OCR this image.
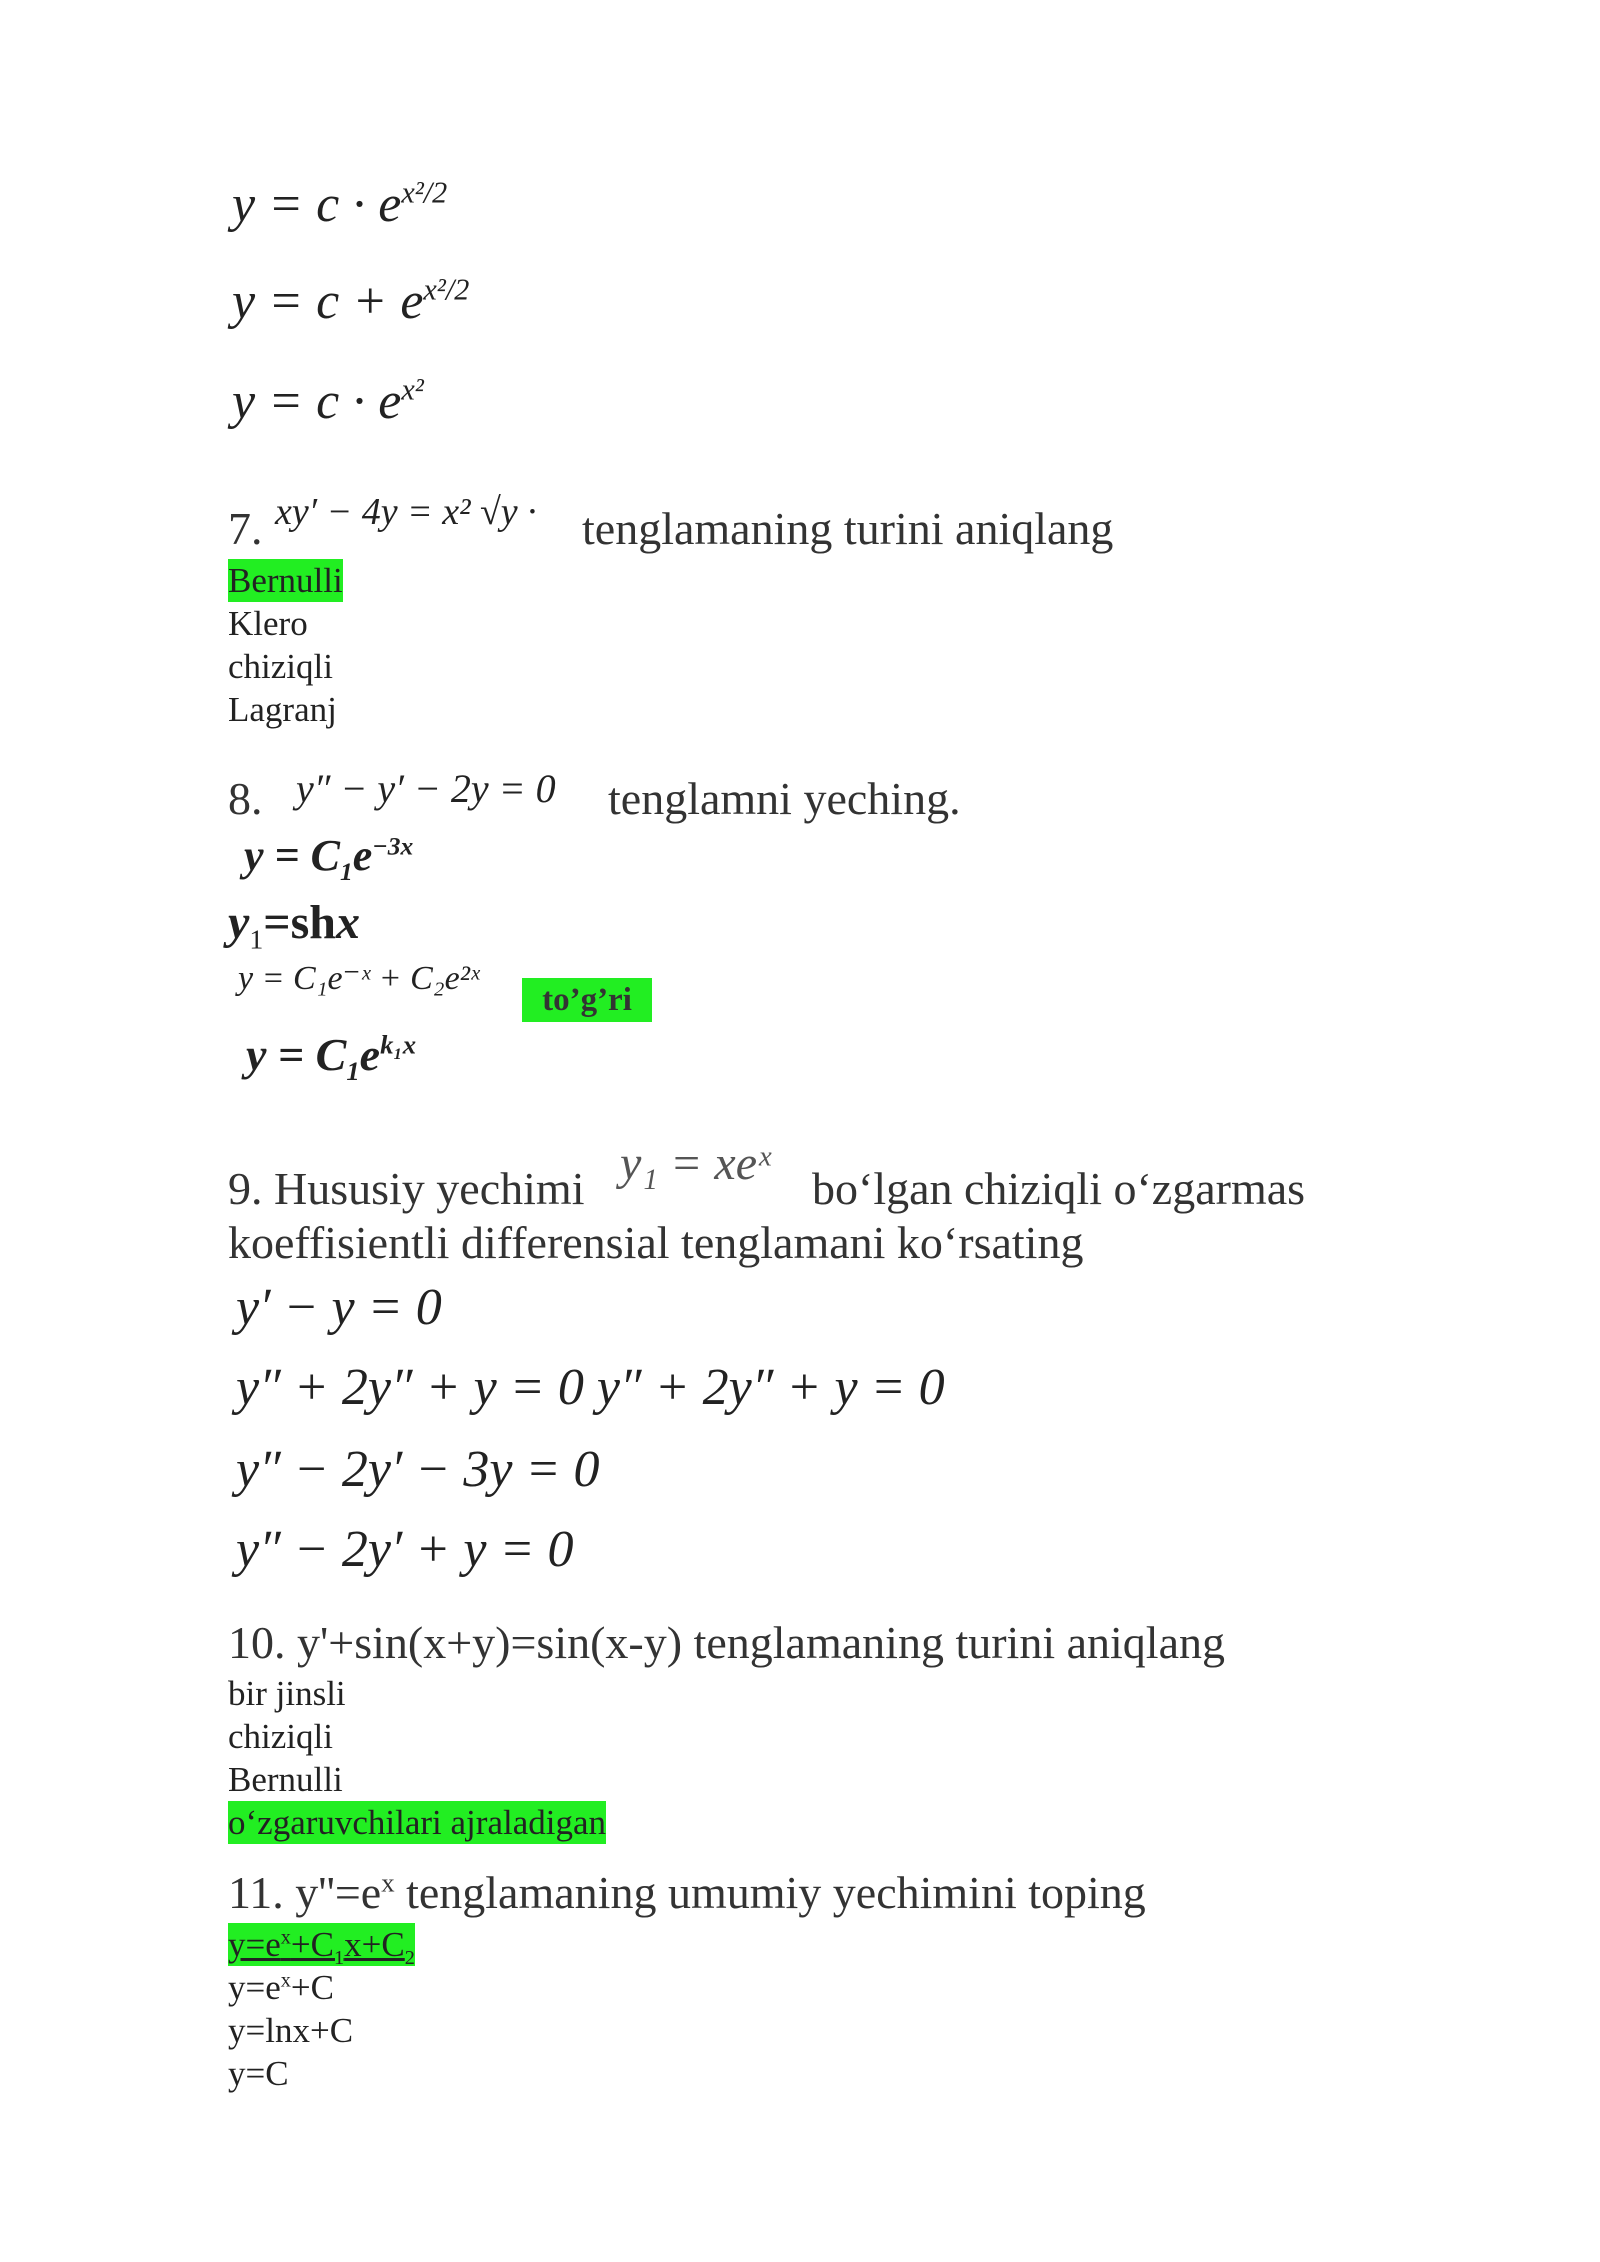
$y = c \cdot e^{x^2/2}$
$y = c + e^{x^2/2}$
$y = c \cdot e^{x^2}$
7. xy′ − 4y = x² √y · tenglamaning turini aniqlang
Bernulli
Klero
chiziqli
Lagranj
8. y″ − y′ − 2y = 0 tenglamni yeching.
$y = C_1e^{-3x}$
$y_1=shx$
y = C₁e⁻ˣ + C₂e²ˣ
to’g’ri
$y = C_1e^{k_1x}$
9. Hususiy yechimi y₁ = xeˣ bo‘lgan chiziqli o‘zgarmas
koeffisientli differensial tenglamani ko‘rsating
y′ − y = 0
y″ + 2y″ + y = 0 y″ + 2y″ + y = 0
y″ − 2y′ − 3y = 0
y″ − 2y′ + y = 0
10. y'+sin(x+y)=sin(x-y) tenglamaning turini aniqlang
bir jinsli
chiziqli
Bernulli
o‘zgaruvchilari ajraladigan
11. $y''=e^x$ tenglamaning umumiy yechimini toping
$y=e^x+C_1x+C_2$
$y=e^x+C$
y=lnx+C
y=C
